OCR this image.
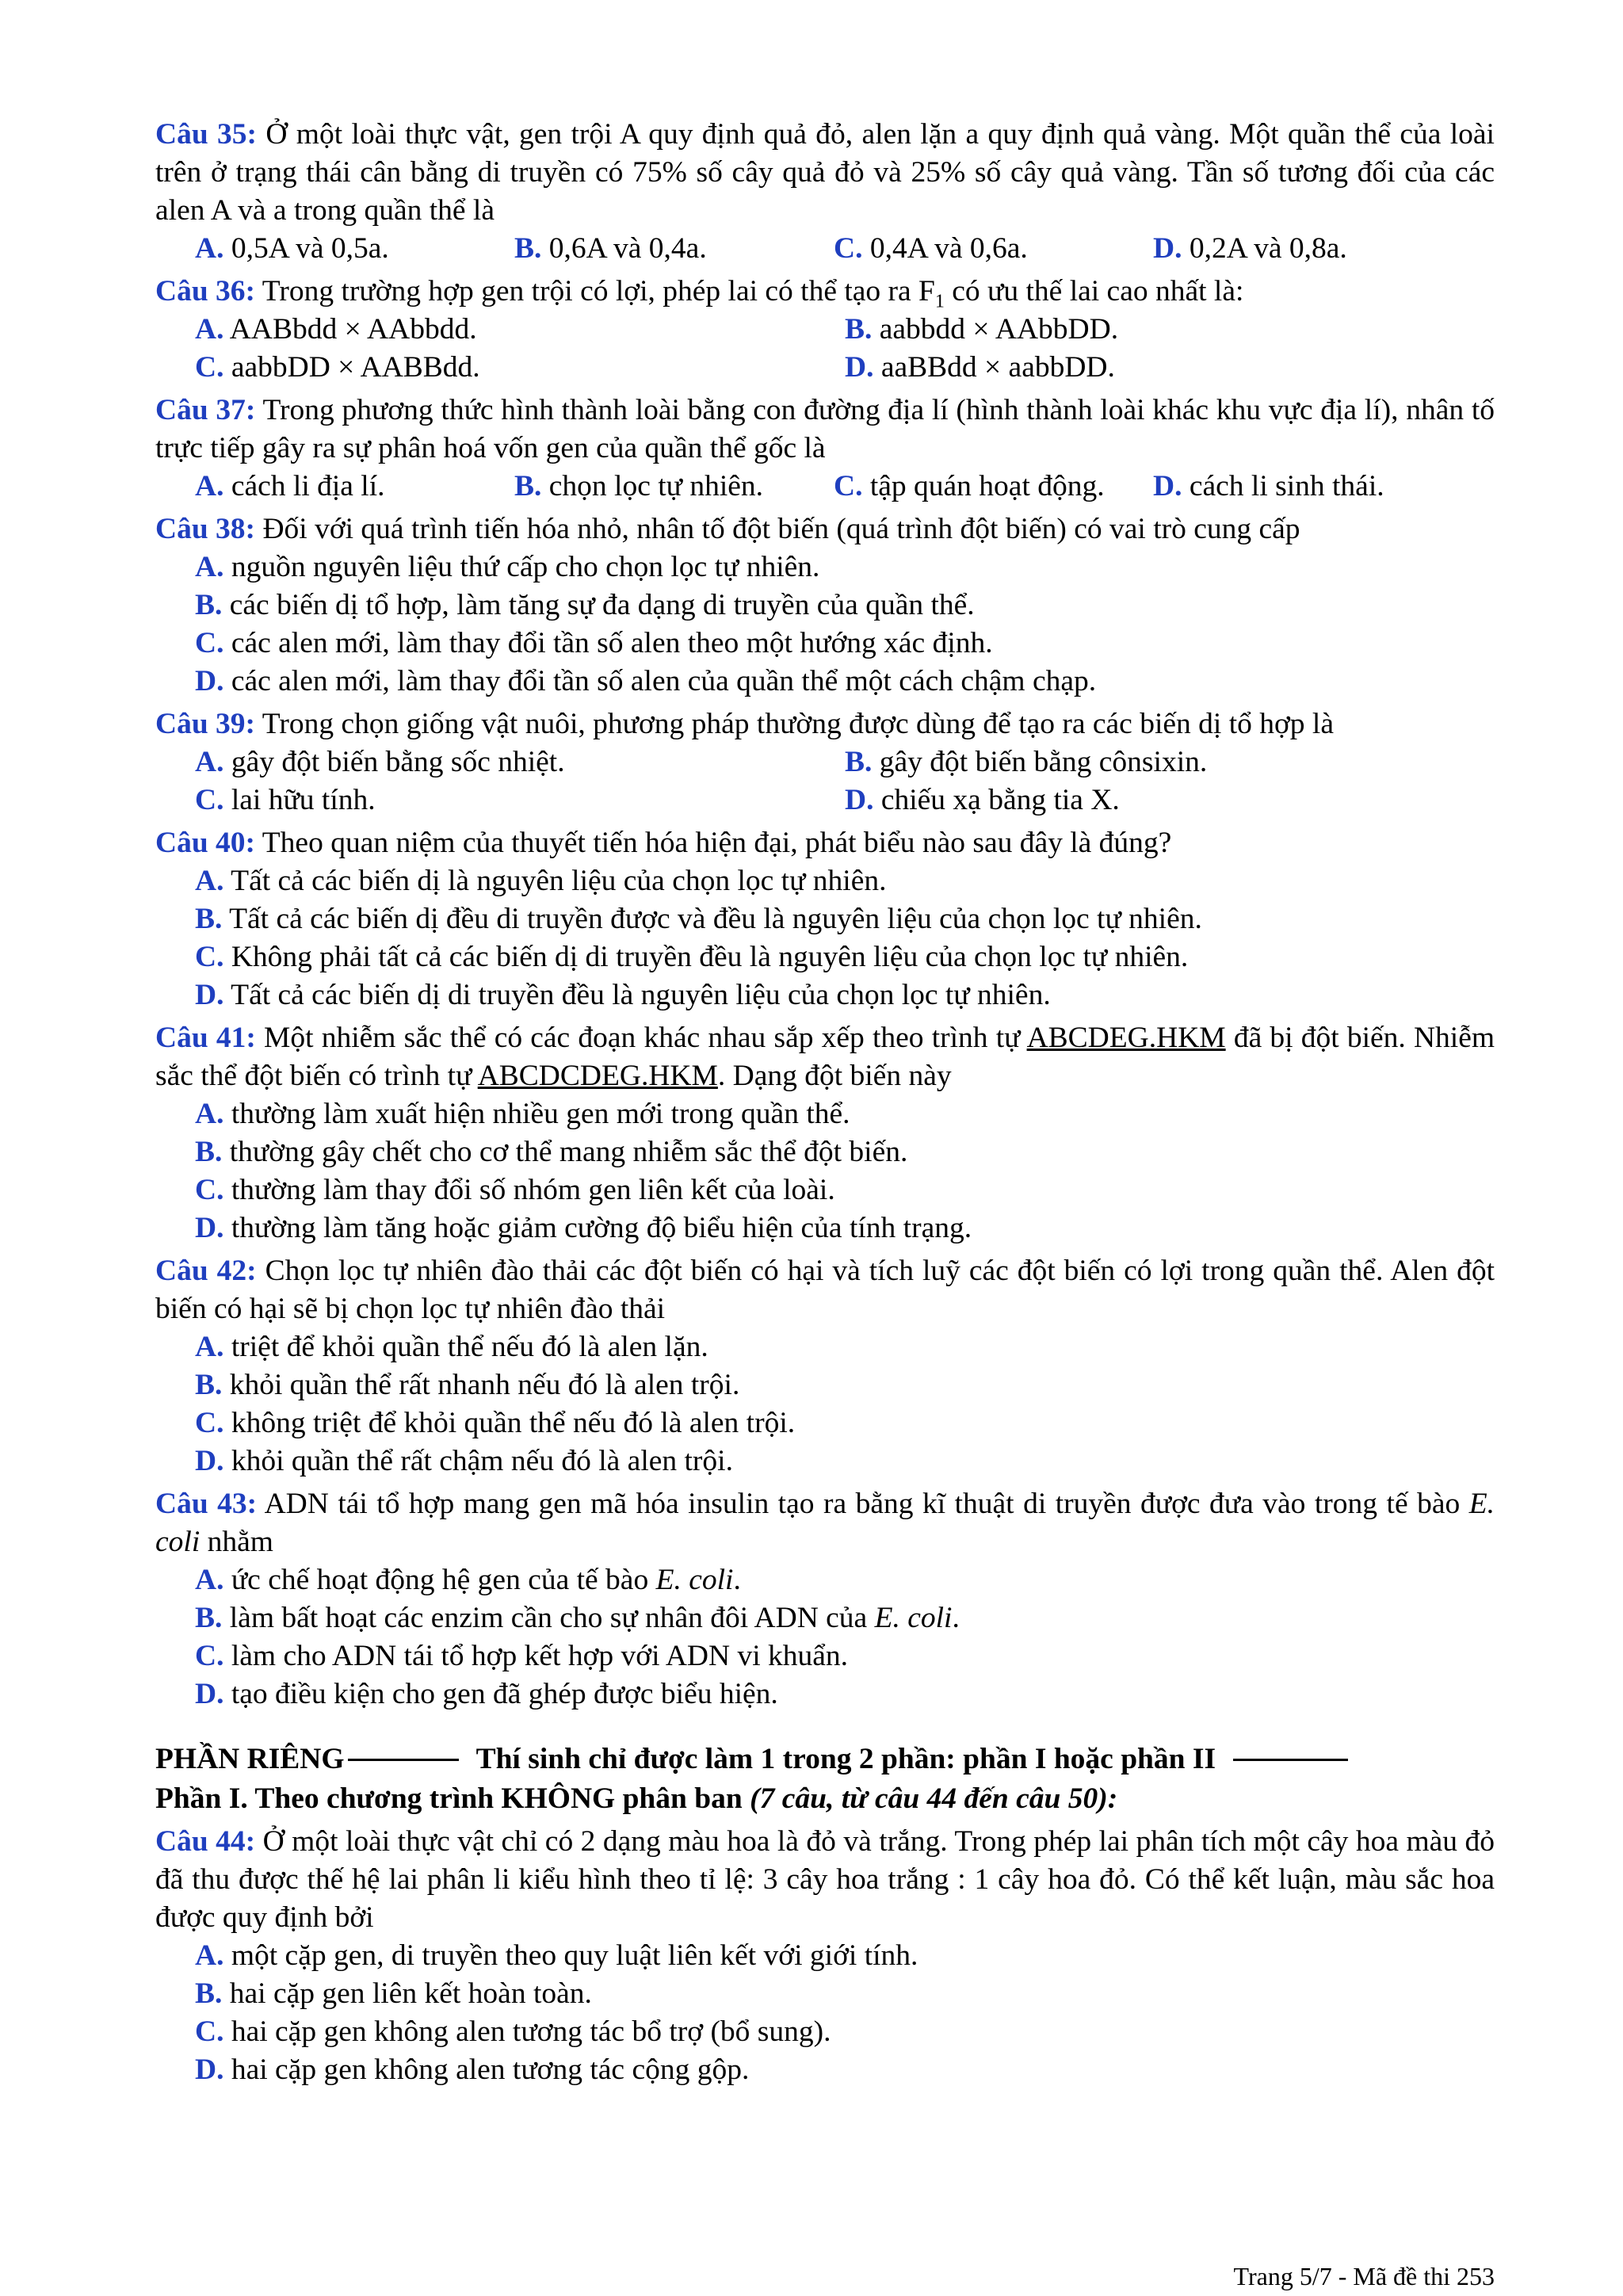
Câu 35: Ở một loài thực vật, gen trội A quy định quả đỏ, alen lặn a quy định quả vàng. Một quần thể của loài trên ở trạng thái cân bằng di truyền có 75% số cây quả đỏ và 25% số cây quả vàng. Tần số tương đối của các alen A và a trong quần thể là
A. 0,5A và 0,5a.	B. 0,6A và 0,4a.	C. 0,4A và 0,6a.	D. 0,2A và 0,8a.
Câu 36: Trong trường hợp gen trội có lợi, phép lai có thể tạo ra $F_1$ có ưu thế lai cao nhất là:
A. AABbdd × AAbbdd.	B. aabbdd × AAbbDD.
C. aabbDD × AABBdd.	D. aaBBdd × aabbDD.
Câu 37: Trong phương thức hình thành loài bằng con đường địa lí (hình thành loài khác khu vực địa lí), nhân tố trực tiếp gây ra sự phân hoá vốn gen của quần thể gốc là
A. cách li địa lí.	B. chọn lọc tự nhiên.	C. tập quán hoạt động.	D. cách li sinh thái.
Câu 38: Đối với quá trình tiến hóa nhỏ, nhân tố đột biến (quá trình đột biến) có vai trò cung cấp
A. nguồn nguyên liệu thứ cấp cho chọn lọc tự nhiên.
B. các biến dị tổ hợp, làm tăng sự đa dạng di truyền của quần thể.
C. các alen mới, làm thay đổi tần số alen theo một hướng xác định.
D. các alen mới, làm thay đổi tần số alen của quần thể một cách chậm chạp.
Câu 39: Trong chọn giống vật nuôi, phương pháp thường được dùng để tạo ra các biến dị tổ hợp là
A. gây đột biến bằng sốc nhiệt.	B. gây đột biến bằng cônsixin.
C. lai hữu tính.	D. chiếu xạ bằng tia X.
Câu 40: Theo quan niệm của thuyết tiến hóa hiện đại, phát biểu nào sau đây là đúng?
A. Tất cả các biến dị là nguyên liệu của chọn lọc tự nhiên.
B. Tất cả các biến dị đều di truyền được và đều là nguyên liệu của chọn lọc tự nhiên.
C. Không phải tất cả các biến dị di truyền đều là nguyên liệu của chọn lọc tự nhiên.
D. Tất cả các biến dị di truyền đều là nguyên liệu của chọn lọc tự nhiên.
Câu 41: Một nhiễm sắc thể có các đoạn khác nhau sắp xếp theo trình tự ABCDEG.HKM đã bị đột biến. Nhiễm sắc thể đột biến có trình tự ABCDCDEG.HKM. Dạng đột biến này
A. thường làm xuất hiện nhiều gen mới trong quần thể.
B. thường gây chết cho cơ thể mang nhiễm sắc thể đột biến.
C. thường làm thay đổi số nhóm gen liên kết của loài.
D. thường làm tăng hoặc giảm cường độ biểu hiện của tính trạng.
Câu 42: Chọn lọc tự nhiên đào thải các đột biến có hại và tích luỹ các đột biến có lợi trong quần thể. Alen đột biến có hại sẽ bị chọn lọc tự nhiên đào thải
A. triệt để khỏi quần thể nếu đó là alen lặn.
B. khỏi quần thể rất nhanh nếu đó là alen trội.
C. không triệt để khỏi quần thể nếu đó là alen trội.
D. khỏi quần thể rất chậm nếu đó là alen trội.
Câu 43: ADN tái tổ hợp mang gen mã hóa insulin tạo ra bằng kĩ thuật di truyền được đưa vào trong tế bào E. coli nhằm
A. ức chế hoạt động hệ gen của tế bào E. coli.
B. làm bất hoạt các enzim cần cho sự nhân đôi ADN của E. coli.
C. làm cho ADN tái tổ hợp kết hợp với ADN vi khuẩn.
D. tạo điều kiện cho gen đã ghép được biểu hiện.
PHẦN RIÊNG	Thí sinh chỉ được làm 1 trong 2 phần: phần I hoặc phần II
Phần I. Theo chương trình KHÔNG phân ban (7 câu, từ câu 44 đến câu 50):
Câu 44: Ở một loài thực vật chỉ có 2 dạng màu hoa là đỏ và trắng. Trong phép lai phân tích một cây hoa màu đỏ đã thu được thế hệ lai phân li kiểu hình theo tỉ lệ: 3 cây hoa trắng : 1 cây hoa đỏ. Có thể kết luận, màu sắc hoa được quy định bởi
A. một cặp gen, di truyền theo quy luật liên kết với giới tính.
B. hai cặp gen liên kết hoàn toàn.
C. hai cặp gen không alen tương tác bổ trợ (bổ sung).
D. hai cặp gen không alen tương tác cộng gộp.
Trang 5/7 - Mã đề thi 253
